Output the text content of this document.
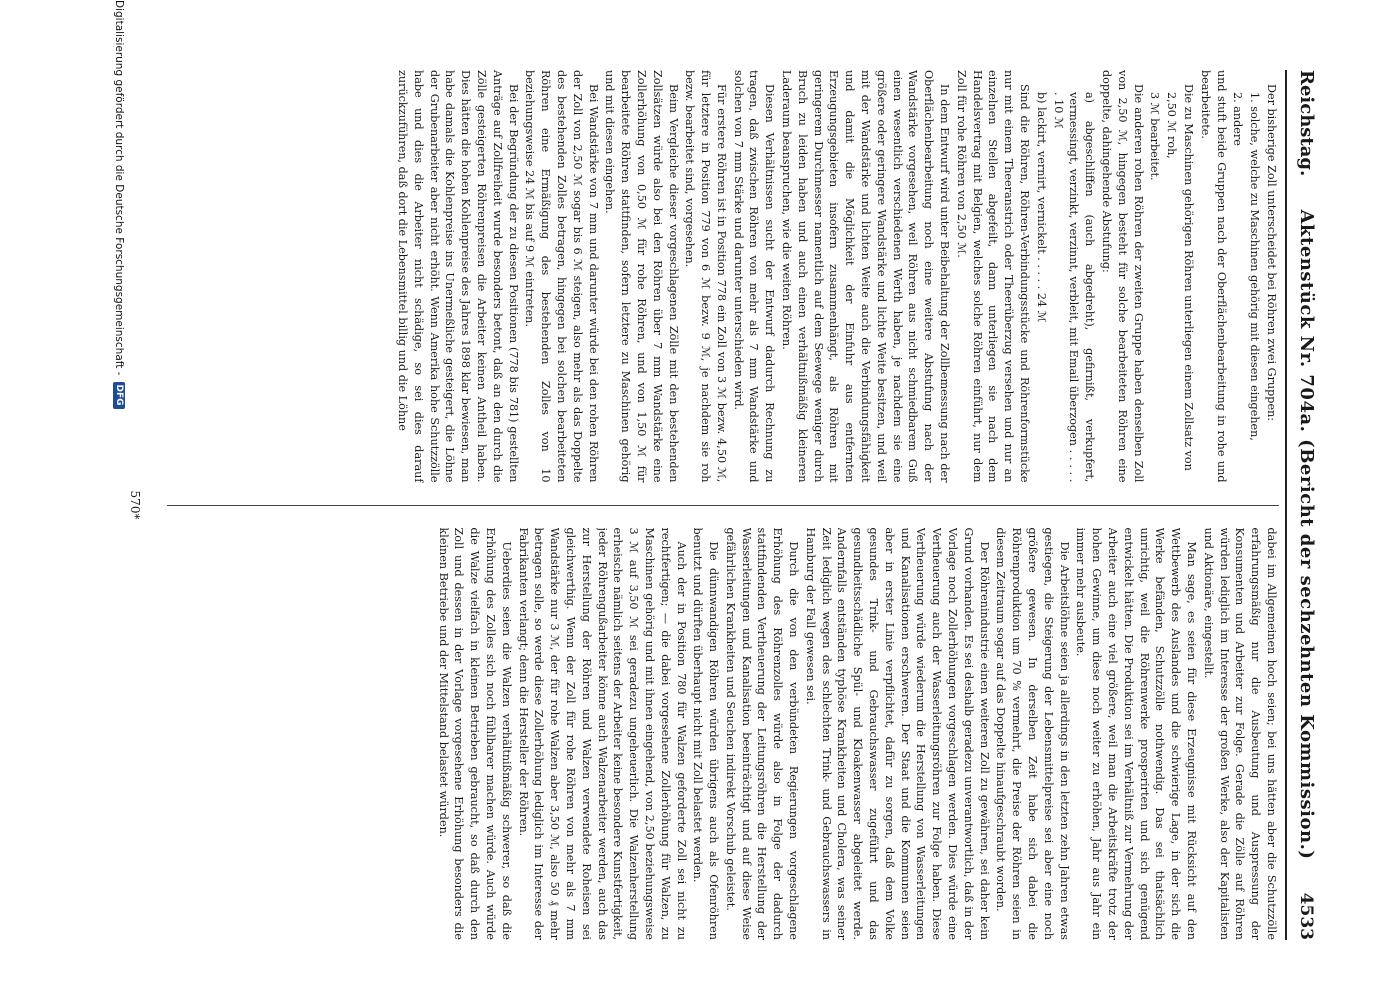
Reichstag.
Aktenstück Nr. 704a. (Bericht der sechzehnten Kommission.)
4533

Der bisherige Zoll unterscheidet bei Röhren zwei Gruppen:

1. solche, welche zu Maschinen gehörig mit diesen eingehen,

2. andere

und stuft beide Gruppen nach der Oberflächenbearbeitung in rohe und bearbeitete.

Die zu Maschinen gehörigen Röhren unterliegen einem Zollsatz von

2,50 ℳ roh,

3 ℳ bearbeitet.

Die anderen rohen Röhren der zweiten Gruppe haben denselben Zoll von 2,50 ℳ, hingegen besteht für solche bearbeiteten Röhren eine doppelte, dahingehende Abstufung:

a) abgeschliffen (auch abgedreht), gefirnißt, verkupfert, vermessingt, verzinkt, verzinnt, verbleit, mit Email überzogen . . . . . . 10 ℳ

b) lackirt, vernirt, vernickelt . . . . . 24 ℳ

Sind die Röhren, Röhren-Verbindungsstücke und Röhrenformstücke nur mit einem Theeranstrich oder Theerüberzug versehen und nur an einzelnen Stellen abgefeilt, dann unterliegen sie nach dem Handelsvertrag mit Belgien, welches solche Röhren einführt, nur dem Zoll für rohe Röhren von 2,50 ℳ.

In dem Entwurf wird unter Beibehaltung der Zollbemessung nach der Oberflächenbearbeitung noch eine weitere Abstufung nach der Wandstärke vorgesehen, weil Röhren aus nicht schmiedbarem Guß einen wesentlich verschiedenen Werth haben, je nachdem sie eine größere oder geringere Wandstärke und lichte Weite besitzen, und weil mit der Wandstärke und lichten Weite auch die Verbindungsfähigkeit und damit die Möglichkeit der Einfuhr aus entfernten Erzeugungsgebieten insofern zusammenhängt, als Röhren mit geringerem Durchmesser namentlich auf dem Seewege weniger durch Bruch zu leiden haben und auch einen verhältnißmäßig kleineren Laderaum beanspruchen, wie die weiten Röhren.

Diesen Verhältnissen sucht der Entwurf dadurch Rechnung zu tragen, daß zwischen Röhren von mehr als 7 mm Wandstärke und solchen von 7 mm Stärke und darunter unterschieden wird.

Für erstere Röhren ist in Position 778 ein Zoll von 3 ℳ bezw. 4,50 ℳ, für letztere in Position 779 von 6 ℳ bezw. 9 ℳ, je nachdem sie roh bezw. bearbeitet sind, vorgesehen.

Beim Vergleiche dieser vorgeschlagenen Zölle mit den bestehenden Zollsätzen würde also bei den Röhren über 7 mm Wandstärke eine Zollerhöhung von 0,50 ℳ für rohe Röhren, und von 1,50 ℳ für bearbeitete Röhren stattfinden, sofern letztere zu Maschinen gehörig und mit diesen eingehen.

Bei Wandstärke von 7 mm und darunter würde bei den rohen Röhren der Zoll von 2,50 ℳ sogar bis 6 ℳ steigen, also mehr als das Doppelte des bestehenden Zolles betragen, hingegen bei solchen bearbeiteten Röhren eine Ermäßigung des bestehenden Zolles von 10 beziehungsweise 24 ℳ bis auf 9 ℳ eintreten.

Bei der Begründung der zu diesen Positionen (778 bis 781) gestellten Anträge auf Zollfreiheit wurde besonders betont, daß an den durch die Zölle gesteigerten Röhrenpreisen die Arbeiter keinen Antheil haben. Dies hätten die hohen Kohlenpreise des Jahres 1898 klar bewiesen, man habe damals die Kohlenpreise ins Unermeßliche gesteigert, die Löhne der Grubenarbeiter aber nicht erhöht. Wenn Amerika hohe Schutzzölle habe und dies die Arbeiter nicht schädige, so sei dies darauf zurückzuführen, daß dort die Lebensmittel billig und die Löhne

dabei im Allgemeinen hoch seien; bei uns hätten aber die Schutzzölle erfahrungsmäßig nur die Ausbeutung und Auspressung der Konsumenten und Arbeiter zur Folge. Gerade die Zölle auf Röhren würden lediglich im Interesse der großen Werke, also der Kapitalisten und Aktionäre, eingestellt.

Man sage, es seien für diese Erzeugnisse mit Rücksicht auf den Wettbewerb des Auslandes und die schwierige Lage, in der sich die Werke befänden, Schutzzölle nothwendig. Das sei thatsächlich unrichtig, weil die Röhrenwerke prosperirten und sich genügend entwickelt hätten. Die Produktion sei im Verhältniß zur Vermehrung der Arbeiter auch eine viel größere, weil man die Arbeitskräfte trotz der hohen Gewinne, um diese noch weiter zu erhöhen, Jahr aus Jahr ein immer mehr ausbeute.

Die Arbeitslöhne seien ja allerdings in den letzten zehn Jahren etwas gestiegen, die Steigerung der Lebensmittelpreise sei aber eine noch größere gewesen. In derselben Zeit habe sich dabei die Röhrenproduktion um 70 % vermehrt, die Preise der Röhren seien in diesem Zeitraum sogar auf das Doppelte hinaufgeschraubt worden.

Der Röhrenindustrie einen weiteren Zoll zu gewähren, sei daher kein Grund vorhanden. Es sei deshalb geradezu unverantwortlich, daß in der Vorlage noch Zollerhöhungen vorgeschlagen werden. Dies würde eine Vertheuerung auch der Wasserleitungsröhren zur Folge haben. Diese Vertheuerung würde wiederum die Herstellung von Wasserleitungen und Kanalisationen erschweren. Der Staat und die Kommunen seien aber in erster Linie verpflichtet, dafür zu sorgen, daß dem Volke gesundes Trink- und Gebrauchswasser zugeführt und das gesundheitsschädliche Spül- und Kloakenwasser abgeleitet werde. Andernfalls entständen typhöse Krankheiten und Cholera, was seiner Zeit lediglich wegen des schlechten Trink- und Gebrauchswassers in Hamburg der Fall gewesen sei.

Durch die von den verbündeten Regierungen vorgeschlagene Erhöhung des Röhrenzolles würde also in Folge der dadurch stattfindenden Vertheuerung der Leitungsröhren die Herstellung der Wasserleitungen und Kanalisation beeinträchtigt und auf diese Weise gefährlichen Krankheiten und Seuchen indirekt Vorschub geleistet.

Die dünnwandigen Röhren würden übrigens auch als Ofenröhren benutzt und dürften überhaupt nicht mit Zoll belastet werden.

Auch der in Position 780 für Walzen geforderte Zoll sei nicht zu rechtfertigen; — die dabei vorgesehene Zollerhöhung für Walzen, zu Maschinen gehörig und mit ihnen eingehend, von 2,50 beziehungsweise 3 ℳ auf 3,50 ℳ sei geradezu ungeheuerlich. Die Walzenherstellung erheische nämlich seitens der Arbeiter keine besondere Kunstfertigkeit, jeder Röhrengußarbeiter könne auch Walzenarbeiter werden, auch das zur Herstellung der Röhren und Walzen verwendete Roheisen sei gleichwerthig. Wenn der Zoll für rohe Röhren von mehr als 7 mm Wandstärke nur 3 ℳ, der für rohe Walzen aber 3,50 ℳ, also 50 ₰ mehr betragen solle, so werde diese Zollerhöhung lediglich im Interesse der Fabrikanten verlangt; denn die Hersteller der Röhren.

Ueberdies seien die Walzen verhältnißmäßig schwerer, so daß die Erhöhung des Zolles sich noch fühlbarer machen würde. Auch würde die Walze vielfach in kleinen Betrieben gebraucht, so daß durch den Zoll und dessen in der Vorlage vorgesehene Erhöhung besonders die kleinen Betriebe und der Mittelstand belastet würden.

570*
Digitalisierung gefördert durch die Deutsche Forschungsgemeinschaft -
DFG
